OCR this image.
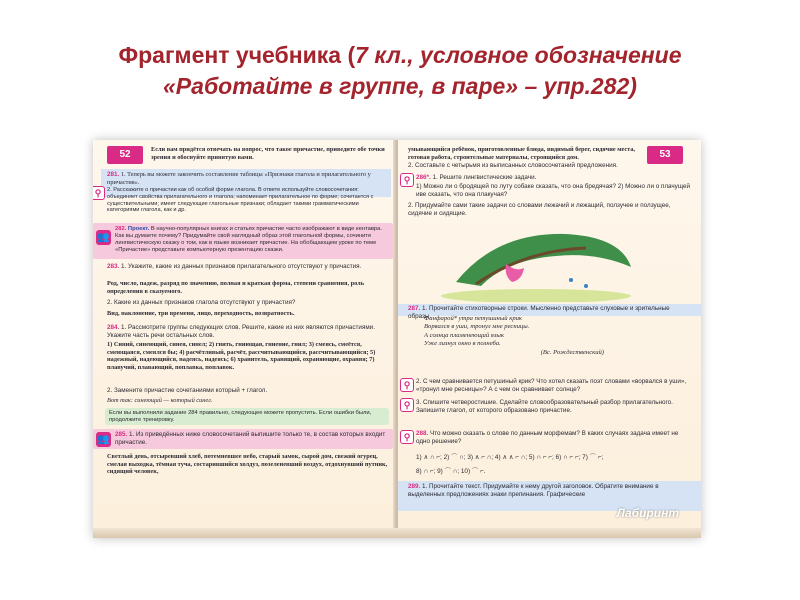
Фрагмент учебника (7 кл., условное обозначение
«Работайте в группе, в паре» – упр.282)
52	Если вам придётся отвечать на вопрос, что такое причастие, приведите обе точки зрения и обоснуйте принятую вами.
281. 1. Теперь вы можете закончить составление таблицы «Признаки глагола и прилагательного у причастия».
⚲	2. Расскажите о причастии как об особой форме глагола. В ответе используйте словосочетания: объединяет свойства прилагательного и глагола; напоминает прилагательное по форме; сочетается с существительными; имеет следующие глагольные признаки; обладает такими грамматическими категориями глагола, как и др.
👥
282. Проект. В научно-популярных книгах и статьях причастие часто изображают в виде кентавра. Как вы думаете почему? Придумайте свой наглядный образ этой глагольной формы, сочините лингвистическую сказку о том, как в языке возникает причастие. На обобщающем уроке по теме «Причастие» представьте компьютерную презентацию сказки.
283. 1. Укажите, какие из данных признаков прилагательного отсутствуют у причастия.
Род, число, падеж, разряд по значению, полная и краткая форма, степени сравнения, роль определения в сказуемого.
2. Какие из данных признаков глагола отсутствуют у причастия?
Вид, наклонение, три времени, лицо, переходность, возвратность.
284. 1. Рассмотрите группы следующих слов. Решите, какие из них являются причастиями. Укажите часть речи остальных слов.
1) Синий, синеющий, синея, синел; 2) гнить, гниющая, гниение, гнил; 3) смеясь, смеётся, смеющаяся, смеялся бы; 4) расчётливый, расчёт, рассчитывающийся, рассчитывающийся; 5) надежный, надеющийся, надеясь, надеясь; 6) хранитель, хранящий, охраняющие, охраняя; 7) плавучий, плавающий, поплавка, поплавок.
2. Замените причастие сочетаниями который + глагол.
Вот так: синеющий — который синел.
Если вы выполнили задание 284 правильно, следующее можете пропустить. Если ошибки были, продолжите тренировку.
👥 285. 1. Из приведённых ниже словосочетаний выпишите только те, в состав которых входит причастие.
Светлый день, отсыревший хлеб, потемневшее небо, старый замок, сырой дом, свежий огурец, смелая выходка, тёмная туча, состарившийся холдуз, позеленевший воздух, отдохнувший путник, сидящий человек,
53
умывающийся ребёнок, приготовленные блюда, видимый берег, сидячие места, готовая работа, строительные материалы, строящийся дом.
2. Составьте с четырьмя из выписанных словосочетаний предложения.
⚲ 286*. 1. Решите лингвистические задачи.
1) Можно ли о бродящей по луту собаке сказать, что она бредячая? 2) Можно ли о плачущей иве сказать, что она плакучая?
2. Придумайте сами такие задачи со словами лежачий и лежащий, ползучее и ползущее, сидячие и сидящие.
287. 1. Прочитайте стихотворные строки. Мысленно представьте слуховые и зрительные образы.
Фанфарой* утра петушиный крик
Ворвался в уши, тронул мне ресницы.
А солнца пламенеющий язык
Уже лизнул окно в полнеба.
(Вс. Рождественский)
⚲ 2. С чем сравнивается петушиный крик? Что хотел сказать поэт словами «ворвался в уши», «тронул мне ресницы»? А с чем он сравнивает солнце?
⚲ 3. Спишите четверостишие. Сделайте словообразовательный разбор прилагательного. Запишите глагол, от которого образовано причастие.
⚲ 288. Что можно сказать о слове по данным морфемам? В каких случаях задача имеет не одно решение?
1) ∧ ∩ ⌐; 2) ⌒ ∩; 3) ∧ ⌐ ∩; 4) ∧ ∧ ⌐ ∩; 5) ∩ ⌐ ⌐; 6) ∩ ⌐ ⌐; 7) ⌒ ⌐;
8) ∩ ⌐; 9) ⌒ ∩; 10) ⌒ ⌐.
289. 1. Прочитайте текст. Придумайте к нему другой заголовок. Обратите внимание в выделенных предложениях знаки препинания. Графические
Лабиринт
